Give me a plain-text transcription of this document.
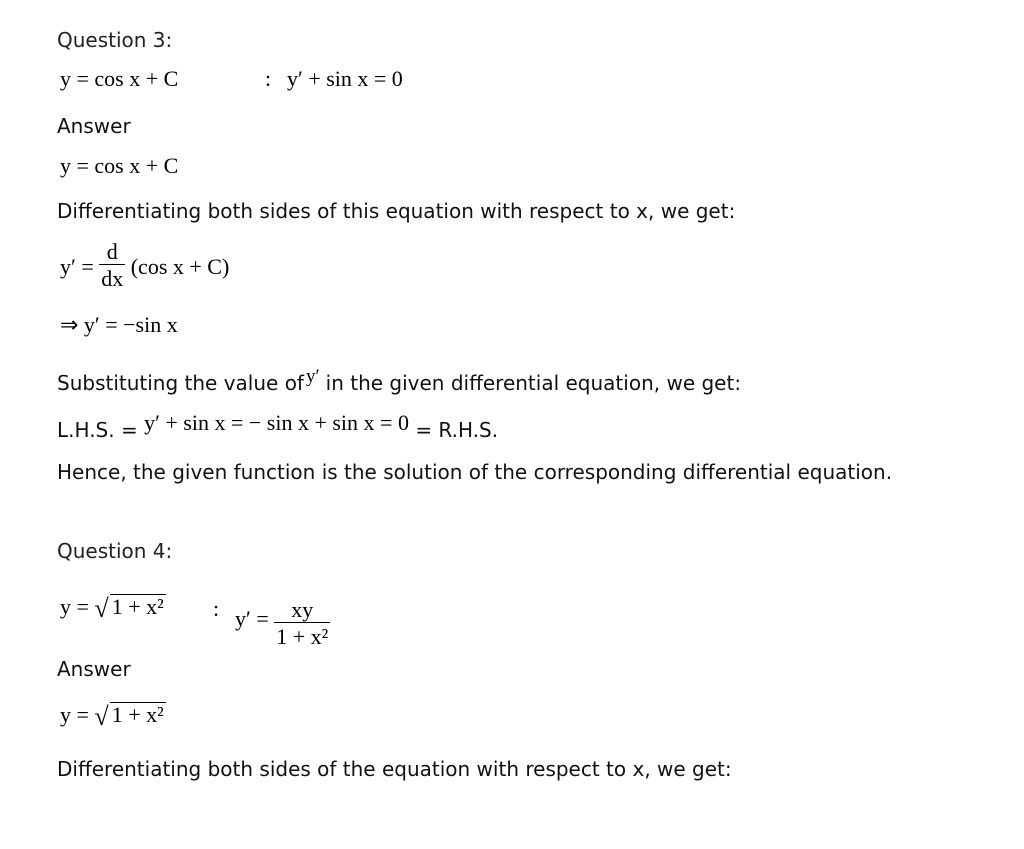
Question 3:
y = cos x + C	: y′ + sin x = 0
Answer
y = cos x + C
Differentiating both sides of this equation with respect to x, we get:
$y' = \frac{d}{dx} (\cos$ x + C)
⇒ y′ = −sin x
Substituting the value of y′ in the given differential equation, we get:
L.H.S. = y′ + sin x = − sin x + sin x = 0 = R.H.S.
Hence, the given function is the solution of the corresponding differential equation.
Question 4:
y = √ 1 + x² : $y' = \frac{xy}{\text{1 + x²}}$
Answer
y = √ 1 + x²
Differentiating both sides of the equation with respect to x, we get:
